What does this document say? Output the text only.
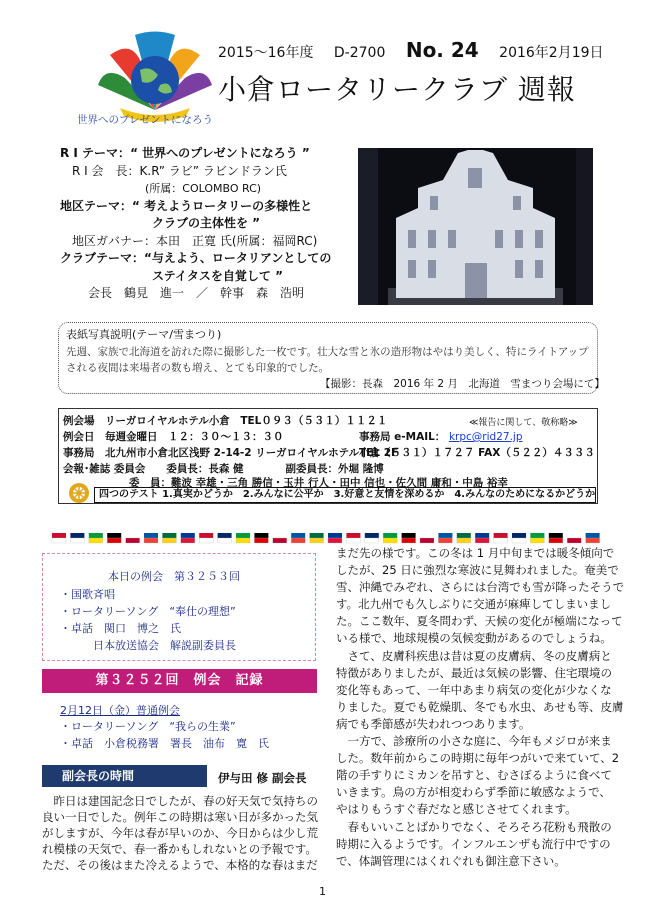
世界へのプレゼントになろう
2015～16年度 D-2700 No. 24 2016年2月19日
小倉ロータリークラブ 週報
R I テーマ：“ 世界へのプレゼントになろう ”
R I 会　長：K.R” ラビ” ラビンドラン氏
(所属：COLOMBO RC)
地区テーマ：“ 考えようロータリーの多様性と
クラブの主体性を ”
地区ガバナー：本田　正寛 氏(所属：福岡RC)
クラブテーマ：“与えよう、ロータリアンとしての
ステイタスを自覚して ”
会長　鶴見　進一　／　幹事　森　浩明
表紙写真説明(テーマ/雪まつり)
先週、家族で北海道を訪れた際に撮影した一枚です。壮大な雪と氷の造形物はやはり美しく、特にライトアップされる夜間は来場者の数も増え、とても印象的でした。
【撮影：長森　2016 年 2 月　北海道　雪まつり会場にて】
例会場　リーガロイヤルホテル小倉　TEL０９３（５３１）１１２１	≪報告に関して、敬称略≫
例会日　毎週金曜日　１２：３０～１３：３０	事務局 e-MAIL： krpc@rid27.jp
事務局　北九州市小倉北区浅野 2-14-2 リーガロイヤルホテル小倉 2F
TEL（５３１）１７２７ FAX（５２２）４３３３
会報･雑誌 委員会　　委員長：長森 健　　　　副委員長：外堀 隆博
委　員：難波 幸雄・三角 勝信・玉井 行人・田中 信也・佐久間 庸和・中島 裕幸
四つのテスト 1.真実かどうか　2.みんなに公平か　3.好意と友情を深めるか　4.みんなのためになるかどうか
本日の例会　第３２５３回
・国歌斉唱
・ロータリーソング　“奉仕の理想”
・卓話　関口　博之　氏
　　　日本放送協会　解説副委員長
第３２５２回　例会　記録
2月12日（金）普通例会
・ロータリーソング　“我らの生業”
・卓話　小倉税務署　署長　油布　寛　氏
副会長の時間	伊与田 修 副会長

　昨日は建国記念日でしたが、春の好天気で気持ちの

良い一日でした。例年この時期は寒い日が多かった気

がしますが、今年は春が早いのか、今日からは少し荒

れ模様の天気で、春一番かもしれないとの予報です。

ただ、その後はまた冷えるようで、本格的な春はまだ

まだ先の様です。この冬は 1 月中旬までは暖冬傾向で

したが、25 日に強烈な寒波に見舞われました。奄美で

雪、沖縄でみぞれ、さらには台湾でも雪が降ったそうで

す。北九州でも久しぶりに交通が麻痺してしまいまし

た。ここ数年、夏冬問わず、天候の変化が極端になって

いる様で、地球規模の気候変動があるのでしょうね。

　さて、皮膚科疾患は昔は夏の皮膚病、冬の皮膚病と

特徴がありましたが、最近は気候の影響、住宅環境の

変化等もあって、一年中あまり病気の変化が少なくな

りました。夏でも乾燥肌、冬でも水虫、あせも等、皮膚

病でも季節感が失われつつあります。

　一方で、診療所の小さな庭に、今年もメジロが来ま

した。数年前からこの時期に毎年つがいで来ていて、2

階の手すりにミカンを吊すと、むさぼるように食べて

いきます。鳥の方が相変わらず季節に敏感なようで、

やはりもうすぐ春だなと感じさせてくれます。

　春もいいことばかりでなく、そろそろ花粉も飛散の

時期に入るようです。インフルエンザも流行中ですの

で、体調管理にはくれぐれも御注意下さい。

1
